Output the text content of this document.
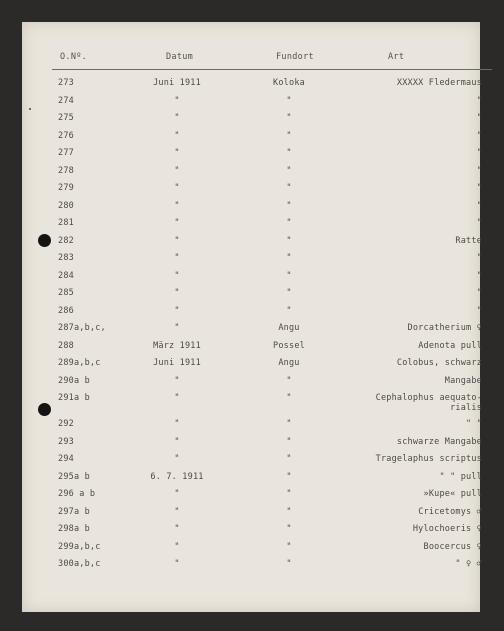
O.Nº.	Datum	Fundort	Art
273	Juni 1911	Koloka	XXXXX Fledermaus
274	"	"	"
275	"	"	"
276	"	"	"
277	"	"	"
278	"	"	"
279	"	"	"
280	"	"	"
281	"	"	"
282	"	"	Ratte
283	"	"	"
284	"	"	"
285	"	"	"
286	"	"	"
287a,b,c,	"	Angu	Dorcatherium ♀
288	März 1911	Possel	Adenota pull
289a,b,c	Juni 1911	Angu	Colobus, schwarz
290a b	"	"	Mangabe
291a b	"	"	Cephalophus aequato-
rialis
292	"	"	" "
293	"	"	schwarze Mangabe
294	"	"	Tragelaphus scriptus
295a b	6. 7. 1911	"	" " pull
296 a b	"	"	»Kupe« pull
297a b	"	"	Cricetomys ♂
298a b	"	"	Hylochoeris ♀
299a,b,c	"	"	Boocercus ♀
300a,b,c	"	"	" ♀ ♂
